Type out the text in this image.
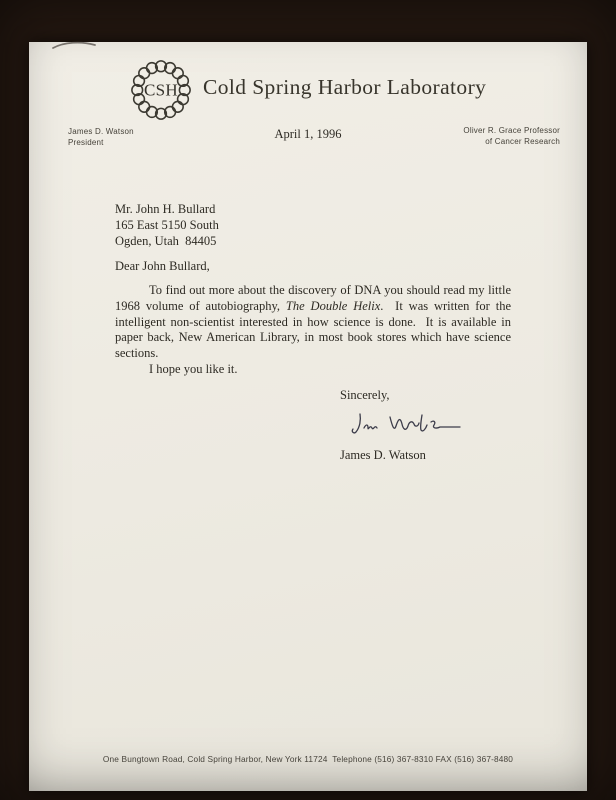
CSH Cold Spring Harbor Laboratory
James D. Watson
President
April 1, 1996	Oliver R. Grace Professor
of Cancer Research
Mr. John H. Bullard
165 East 5150 South
Ogden, Utah  84405
Dear John Bullard,

To find out more about the discovery of DNA you should read my little 1968 volume of autobiography, The Double Helix.  It was written for the intelligent non-scientist interested in how science is done.  It is available in paper back, New American Library, in most book stores which have science sections.

I hope you like it.
Sincerely,
James D. Watson
One Bungtown Road, Cold Spring Harbor, New York 11724  Telephone (516) 367-8310 FAX (516) 367-8480
